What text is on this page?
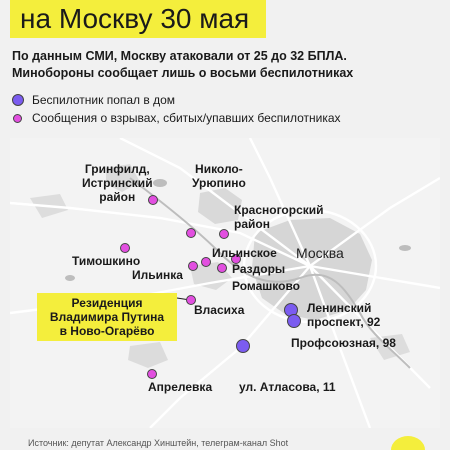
на Москву 30 мая
По данным СМИ, Москву атаковали от 25 до 32 БПЛА.
Минобороны сообщает лишь о восьми беспилотниках
Беспилотник попал в дом
Сообщения о взрывах, сбитых/упавших беспилотниках
Гринфилд,
Истринский
район
Николо-
Урюпино
Красногорский
район
Тимошкино
Ильинское
Ильинка	Раздоры
Ромашково
Власиха
Москва
Ленинский
проспект, 92
Профсоюзная, 98
Апрелевка ул. Атласова, 11
Резиденция
Владимира Путина
в Ново-Огарёво
Источник: депутат Александр Хинштейн, телеграм-канал Shot
